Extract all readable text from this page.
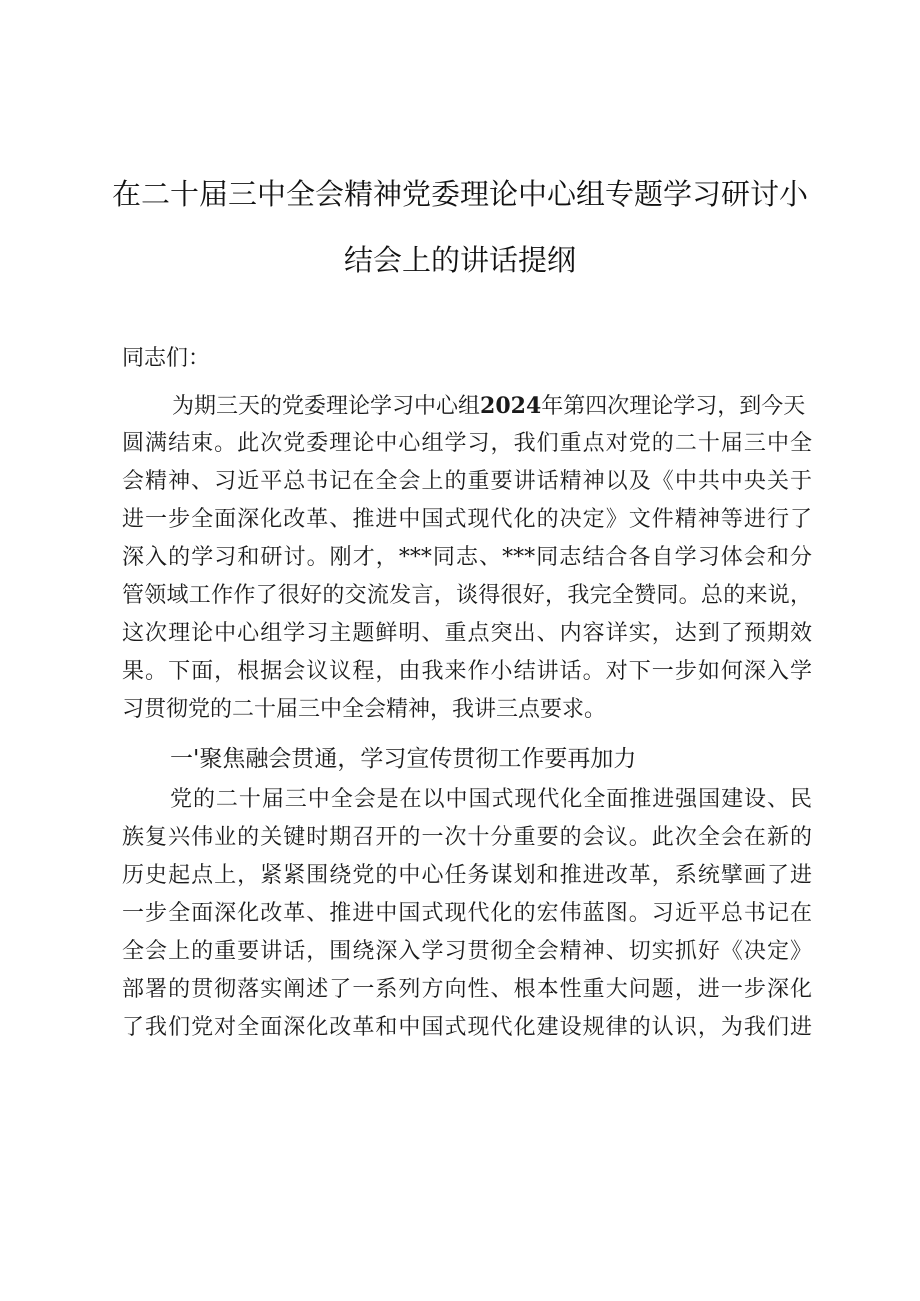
在二十届三中全会精神党委理论中心组专题学习研讨小
结会上的讲话提纲
同志们：
为期三天的党委理论学习中心组2024年第四次理论学习，到今天
圆满结束。此次党委理论中心组学习，我们重点对党的二十届三中全
会精神、习近平总书记在全会上的重要讲话精神以及《中共中央关于
进一步全面深化改革、推进中国式现代化的决定》文件精神等进行了
深入的学习和研讨。刚才，***同志、***同志结合各自学习体会和分
管领域工作作了很好的交流发言，谈得很好，我完全赞同。总的来说，
这次理论中心组学习主题鲜明、重点突出、内容详实，达到了预期效
果。下面，根据会议议程，由我来作小结讲话。对下一步如何深入学
习贯彻党的二十届三中全会精神，我讲三点要求。
一'聚焦融会贯通，学习宣传贯彻工作要再加力
党的二十届三中全会是在以中国式现代化全面推进强国建设、民
族复兴伟业的关键时期召开的一次十分重要的会议。此次全会在新的
历史起点上，紧紧围绕党的中心任务谋划和推进改革，系统擘画了进
一步全面深化改革、推进中国式现代化的宏伟蓝图。习近平总书记在
全会上的重要讲话，围绕深入学习贯彻全会精神、切实抓好《决定》
部署的贯彻落实阐述了一系列方向性、根本性重大问题，进一步深化
了我们党对全面深化改革和中国式现代化建设规律的认识，为我们进
